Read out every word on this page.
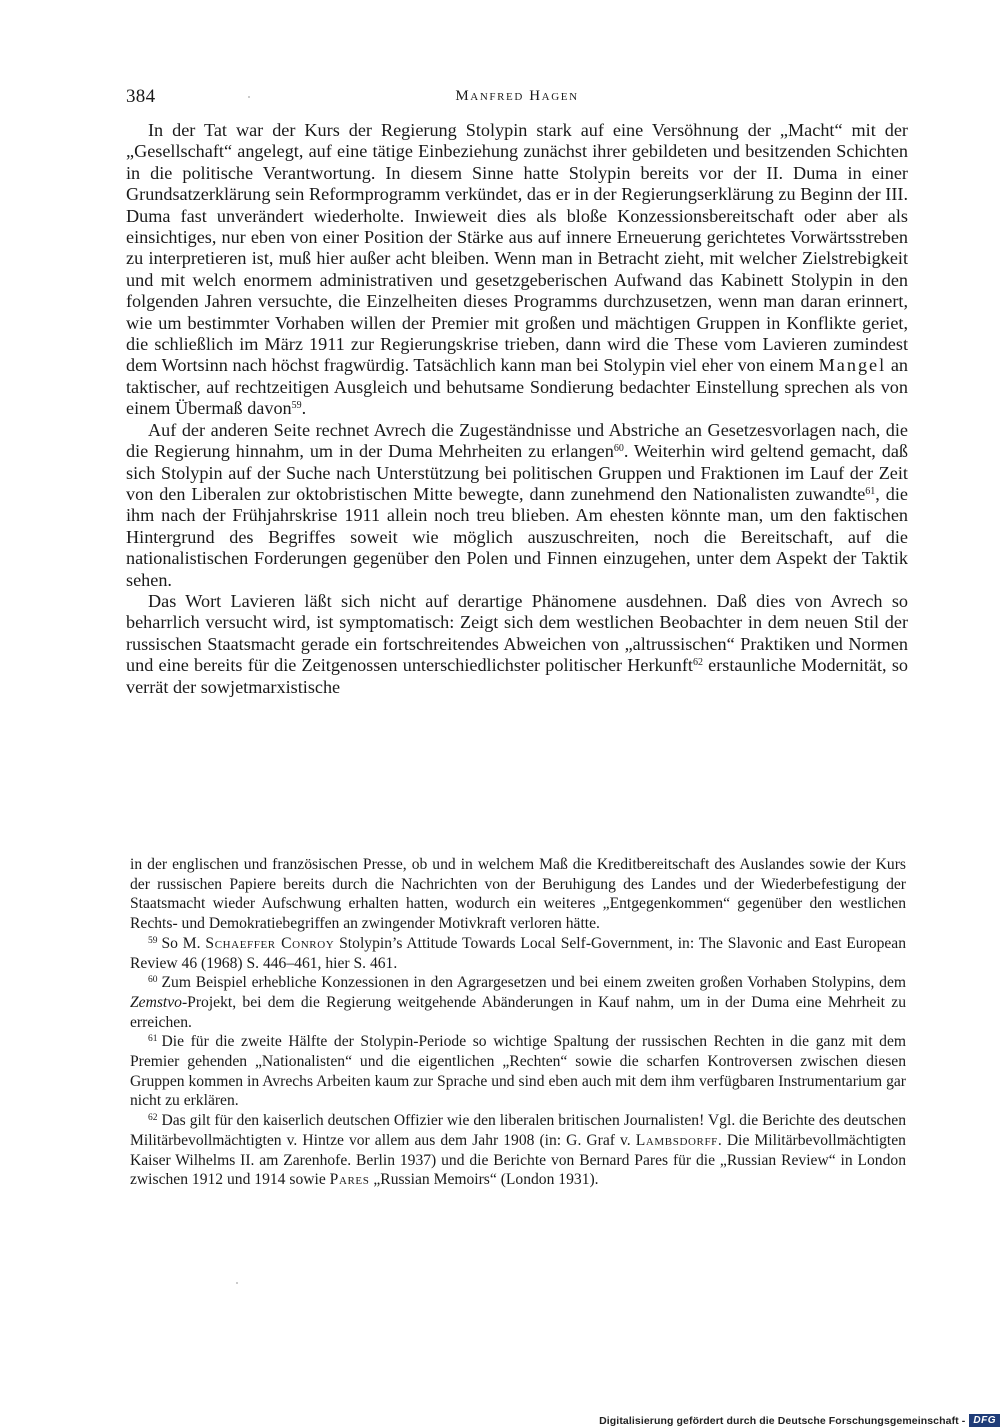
384	Manfred Hagen

In der Tat war der Kurs der Regierung Stolypin stark auf eine Versöhnung der „Macht“ mit der „Gesellschaft“ angelegt, auf eine tätige Einbeziehung zunächst ihrer gebildeten und besitzenden Schichten in die politische Verantwortung. In diesem Sinne hatte Stolypin bereits vor der II. Duma in einer Grundsatzerklärung sein Reformprogramm verkündet, das er in der Regierungserklärung zu Beginn der III. Duma fast unverändert wiederholte. Inwieweit dies als bloße Konzessionsbereitschaft oder aber als einsichtiges, nur eben von einer Position der Stärke aus auf innere Erneuerung gerichtetes Vorwärtsstreben zu interpretieren ist, muß hier außer acht bleiben. Wenn man in Betracht zieht, mit welcher Zielstrebigkeit und mit welch enormem administrativen und gesetzgeberischen Aufwand das Kabinett Stolypin in den folgenden Jahren versuchte, die Einzelheiten dieses Programms durchzusetzen, wenn man daran erinnert, wie um bestimmter Vorhaben willen der Premier mit großen und mächtigen Gruppen in Konflikte geriet, die schließlich im März 1911 zur Regierungskrise trieben, dann wird die These vom Lavieren zumindest dem Wortsinn nach höchst fragwürdig. Tatsächlich kann man bei Stolypin viel eher von einem Mangel an taktischer, auf rechtzeitigen Ausgleich und behutsame Sondierung bedachter Einstellung sprechen als von einem Übermaß davon$^{59}$.

Auf der anderen Seite rechnet Avrech die Zugeständnisse und Abstriche an Gesetzesvorlagen nach, die die Regierung hinnahm, um in der Duma Mehrheiten zu erlangen$^{60}$. Weiterhin wird geltend gemacht, daß sich Stolypin auf der Suche nach Unterstützung bei politischen Gruppen und Fraktionen im Lauf der Zeit von den Liberalen zur oktobristischen Mitte bewegte, dann zunehmend den Nationalisten zuwandte$^{61}$, die ihm nach der Frühjahrskrise 1911 allein noch treu blieben. Am ehesten könnte man, um den faktischen Hintergrund des Begriffes soweit wie möglich auszuschreiten, noch die Bereitschaft, auf die nationalistischen Forderungen gegenüber den Polen und Finnen einzugehen, unter dem Aspekt der Taktik sehen.

Das Wort Lavieren läßt sich nicht auf derartige Phänomene ausdehnen. Daß dies von Avrech so beharrlich versucht wird, ist symptomatisch: Zeigt sich dem westlichen Beobachter in dem neuen Stil der russischen Staatsmacht gerade ein fortschreitendes Abweichen von „altrussischen“ Praktiken und Normen und eine bereits für die Zeitgenossen unterschiedlichster politischer Herkunft$^{62}$ erstaunliche Modernität, so verrät der sowjetmarxistische

in der englischen und französischen Presse, ob und in welchem Maß die Kreditbereitschaft des Auslandes sowie der Kurs der russischen Papiere bereits durch die Nachrichten von der Beruhigung des Landes und der Wiederbefestigung der Staatsmacht wieder Aufschwung erhalten hatten, wodurch ein weiteres „Entgegenkommen“ gegenüber den westlichen Rechts- und Demokratiebegriffen an zwingender Motivkraft verloren hätte.

$^{59}$ So M. Schaeffer Conroy Stolypin’s Attitude Towards Local Self-Government, in: The Slavonic and East European Review 46 (1968) S. 446–461, hier S. 461.

$^{60}$ Zum Beispiel erhebliche Konzessionen in den Agrargesetzen und bei einem zweiten großen Vorhaben Stolypins, dem Zemstvo-Projekt, bei dem die Regierung weitgehende Abänderungen in Kauf nahm, um in der Duma eine Mehrheit zu erreichen.

$^{61}$ Die für die zweite Hälfte der Stolypin-Periode so wichtige Spaltung der russischen Rechten in die ganz mit dem Premier gehenden „Nationalisten“ und die eigentlichen „Rechten“ sowie die scharfen Kontroversen zwischen diesen Gruppen kommen in Avrechs Arbeiten kaum zur Sprache und sind eben auch mit dem ihm verfügbaren Instrumentarium gar nicht zu erklären.

$^{62}$ Das gilt für den kaiserlich deutschen Offizier wie den liberalen britischen Journalisten! Vgl. die Berichte des deutschen Militärbevollmächtigten v. Hintze vor allem aus dem Jahr 1908 (in: G. Graf v. Lambsdorff. Die Militärbevollmächtigten Kaiser Wilhelms II. am Zarenhofe. Berlin 1937) und die Berichte von Bernard Pares für die „Russian Review“ in London zwischen 1912 und 1914 sowie Pares „Russian Memoirs“ (London 1931).

Digitalisierung gefördert durch die Deutsche Forschungsgemeinschaft - DFG
